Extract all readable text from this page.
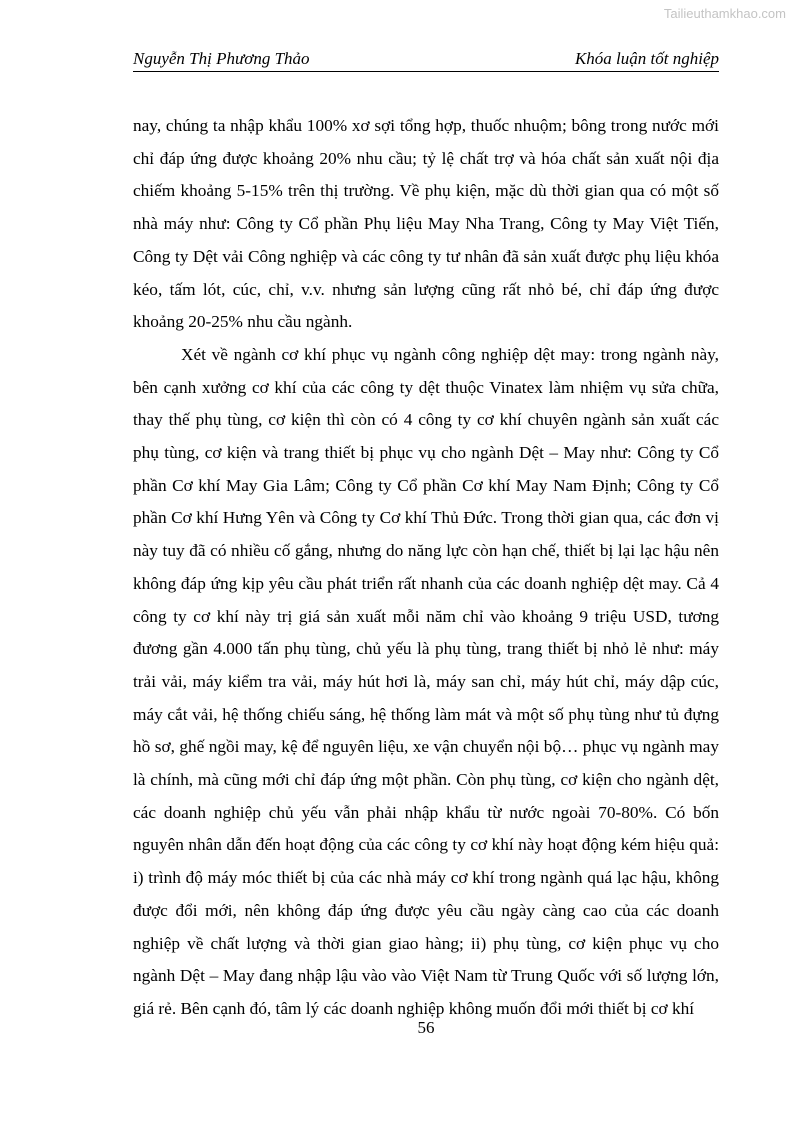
Tailieuthamkhao.com
Nguyễn Thị Phương Thảo	Khóa luận tốt nghiệp

nay, chúng ta nhập khẩu 100% xơ sợi tổng hợp, thuốc nhuộm; bông trong nước mới chỉ đáp ứng được khoảng 20% nhu cầu; tỷ lệ chất trợ và hóa chất sản xuất nội địa chiếm khoảng 5-15% trên thị trường. Về phụ kiện, mặc dù thời gian qua có một số nhà máy như: Công ty Cổ phần Phụ liệu May Nha Trang, Công ty May Việt Tiến, Công ty Dệt vải Công nghiệp và các công ty tư nhân đã sản xuất được phụ liệu khóa kéo, tấm lót, cúc, chỉ, v.v. nhưng sản lượng cũng rất nhỏ bé, chỉ đáp ứng được khoảng 20-25% nhu cầu ngành.

Xét về ngành cơ khí phục vụ ngành công nghiệp dệt may: trong ngành này, bên cạnh xưởng cơ khí của các công ty dệt thuộc Vinatex làm nhiệm vụ sửa chữa, thay thế phụ tùng, cơ kiện thì còn có 4 công ty cơ khí chuyên ngành sản xuất các phụ tùng, cơ kiện và trang thiết bị phục vụ cho ngành Dệt – May như: Công ty Cổ phần Cơ khí May Gia Lâm; Công ty Cổ phần Cơ khí May Nam Định; Công ty Cổ phần Cơ khí Hưng Yên và Công ty Cơ khí Thủ Đức. Trong thời gian qua, các đơn vị này tuy đã có nhiều cố gắng, nhưng do năng lực còn hạn chế, thiết bị lại lạc hậu nên không đáp ứng kịp yêu cầu phát triển rất nhanh của các doanh nghiệp dệt may. Cả 4 công ty cơ khí này trị giá sản xuất mỗi năm chỉ vào khoảng 9 triệu USD, tương đương gần 4.000 tấn phụ tùng, chủ yếu là phụ tùng, trang thiết bị nhỏ lẻ như: máy trải vải, máy kiểm tra vải, máy hút hơi là, máy san chỉ, máy hút chỉ, máy dập cúc, máy cắt vải, hệ thống chiếu sáng, hệ thống làm mát và một số phụ tùng như tủ đựng hồ sơ, ghế ngồi may, kệ để nguyên liệu, xe vận chuyển nội bộ… phục vụ ngành may là chính, mà cũng mới chỉ đáp ứng một phần. Còn phụ tùng, cơ kiện cho ngành dệt, các doanh nghiệp chủ yếu vẫn phải nhập khẩu từ nước ngoài 70-80%. Có bốn nguyên nhân dẫn đến hoạt động của các công ty cơ khí này hoạt động kém hiệu quả: i) trình độ máy móc thiết bị của các nhà máy cơ khí trong ngành quá lạc hậu, không được đổi mới, nên không đáp ứng được yêu cầu ngày càng cao của các doanh nghiệp về chất lượng và thời gian giao hàng; ii) phụ tùng, cơ kiện phục vụ cho ngành Dệt – May đang nhập lậu vào vào Việt Nam từ Trung Quốc với số lượng lớn, giá rẻ. Bên cạnh đó, tâm lý các doanh nghiệp không muốn đổi mới thiết bị cơ khí

56
